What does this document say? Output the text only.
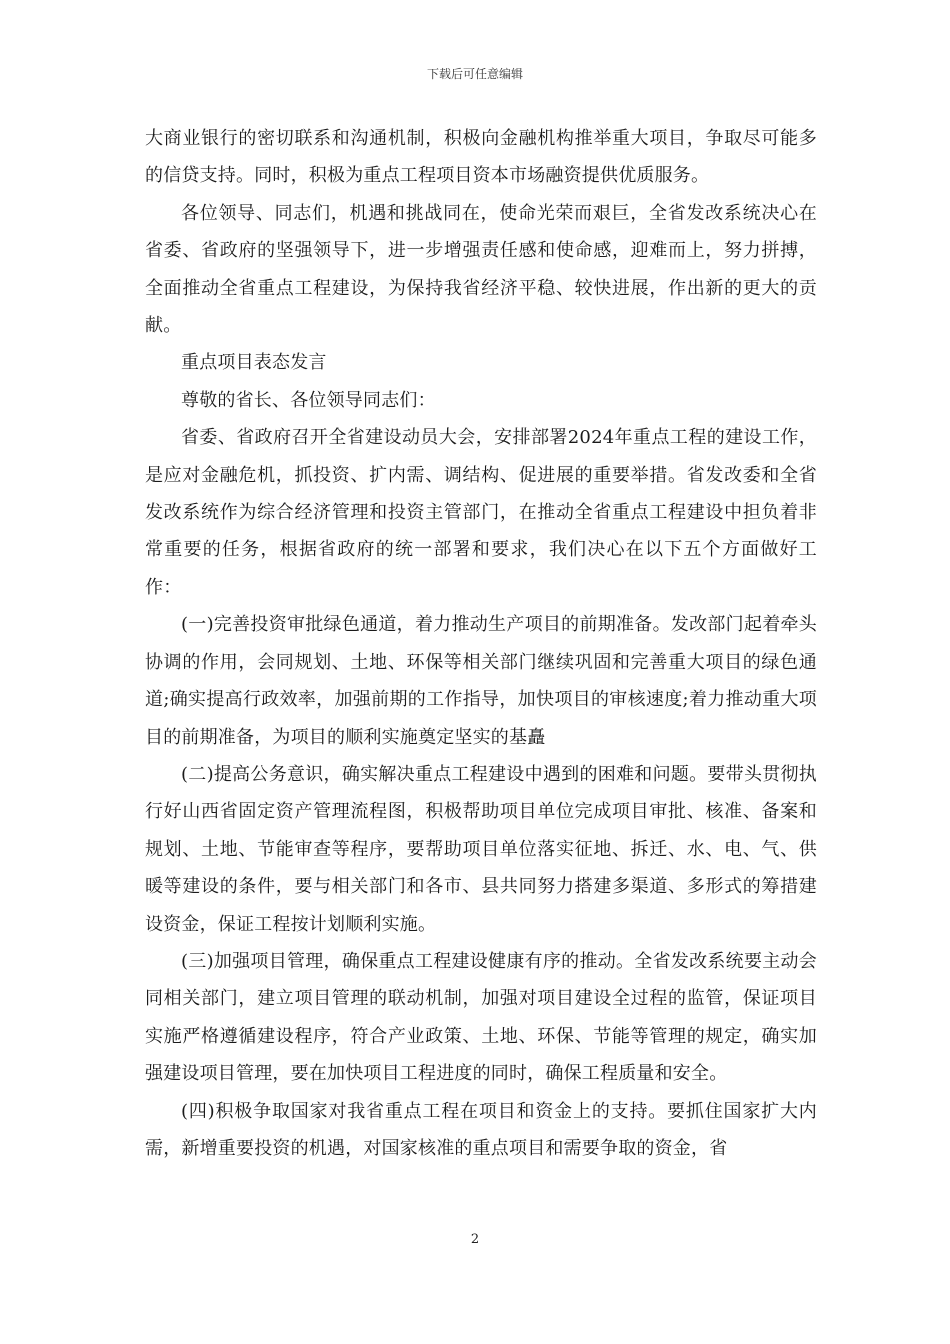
下载后可任意编辑

大商业银行的密切联系和沟通机制，积极向金融机构推举重大项目，争取尽可能多的信贷支持。同时，积极为重点工程项目资本市场融资提供优质服务。

各位领导、同志们，机遇和挑战同在，使命光荣而艰巨，全省发改系统决心在省委、省政府的坚强领导下，进一步增强责任感和使命感，迎难而上，努力拼搏，全面推动全省重点工程建设，为保持我省经济平稳、较快进展，作出新的更大的贡献。

重点项目表态发言

尊敬的省长、各位领导同志们：

省委、省政府召开全省建设动员大会，安排部署2024年重点工程的建设工作，是应对金融危机，抓投资、扩内需、调结构、促进展的重要举措。省发改委和全省发改系统作为综合经济管理和投资主管部门，在推动全省重点工程建设中担负着非常重要的任务，根据省政府的统一部署和要求，我们决心在以下五个方面做好工作：

(一)完善投资审批绿色通道，着力推动生产项目的前期准备。发改部门起着牵头协调的作用，会同规划、土地、环保等相关部门继续巩固和完善重大项目的绿色通道;确实提高行政效率，加强前期的工作指导，加快项目的审核速度;着力推动重大项目的前期准备，为项目的顺利实施奠定坚实的基矗

(二)提高公务意识，确实解决重点工程建设中遇到的困难和问题。要带头贯彻执行好山西省固定资产管理流程图，积极帮助项目单位完成项目审批、核准、备案和规划、土地、节能审查等程序，要帮助项目单位落实征地、拆迁、水、电、气、供暖等建设的条件，要与相关部门和各市、县共同努力搭建多渠道、多形式的筹措建设资金，保证工程按计划顺利实施。

(三)加强项目管理，确保重点工程建设健康有序的推动。全省发改系统要主动会同相关部门，建立项目管理的联动机制，加强对项目建设全过程的监管，保证项目实施严格遵循建设程序，符合产业政策、土地、环保、节能等管理的规定，确实加强建设项目管理，要在加快项目工程进度的同时，确保工程质量和安全。

(四)积极争取国家对我省重点工程在项目和资金上的支持。要抓住国家扩大内需，新增重要投资的机遇，对国家核准的重点项目和需要争取的资金，省

2
